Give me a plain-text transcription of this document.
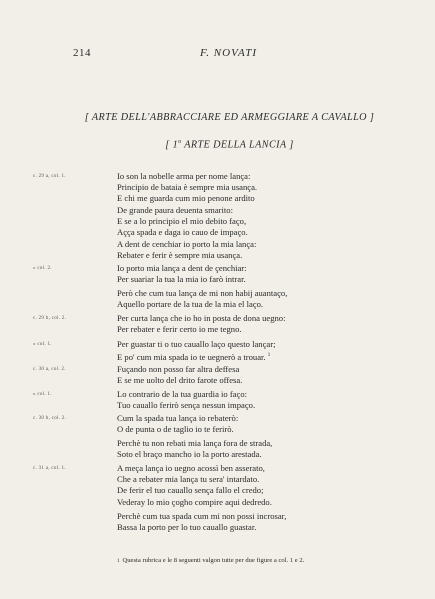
214	F. NOVATI
[ ARTE DELL'ABBRACCIARE ED ARMEGGIARE A CAVALLO ]
[ 1$^o$ ARTE DELLA LANCIA ]
c. 29 a, col. 1.	Io son la nobelle arma per nome lança:
Principio de bataia è sempre mia usança.
E chi me guarda cum mio penone ardito
De grande paura deuenta smarito:
E se a lo principio el mio debito faço,
Açça spada e daga io cauo de impaço.
A dent de cenchiar io porto la mia lança:
Rebater e ferir è sempre mia usança.
» col. 2.	Io porto mia lança a dent de çenchiar:
Per suariar la tua la mia io farò intrar.
Però che cum tua lança de mi non habij auantaço,
Aquello portare de la tua de la mia el laço.
c. 29 b, col. 2.	Per curta lança che io ho in posta de dona uegno:
Per rebater e ferir certo io me tegno.
» col. 1.	Per guastar ti o tuo cauallo laço questo lançar;
E po' cum mia spada io te uegnerò a trouar. $^1$
c. 30 a, col. 2.	Fuçando non posso far altra deffesa
E se me uolto del drito farote offesa.
» col. 1.	Lo contrario de la tua guardia io faço:
Tuo cauallo ferirò sença nessun impaço.
c. 30 b, col. 2.	Cum la spada tua lança io rebaterò:
O de punta o de taglio io te ferirò.
Perchè tu non rebati mia lança fora de strada,
Soto el braço mancho io la porto arestada.
c. 31 a, col. 1.	A meça lança io uegno acossì ben asserato,
Che a rebater mia lança tu sera' intardato.
De ferir el tuo cauallo sença fallo el credo;
Vederay lo mio çogho compire aqui dedredo.
Perchè cum tua spada cum mi non possi incrosar,
Bassa la porto per lo tuo cauallo guastar.
1 Questa rubrica e le 8 seguenti valgon tutte per due figure a col. 1 e 2.
